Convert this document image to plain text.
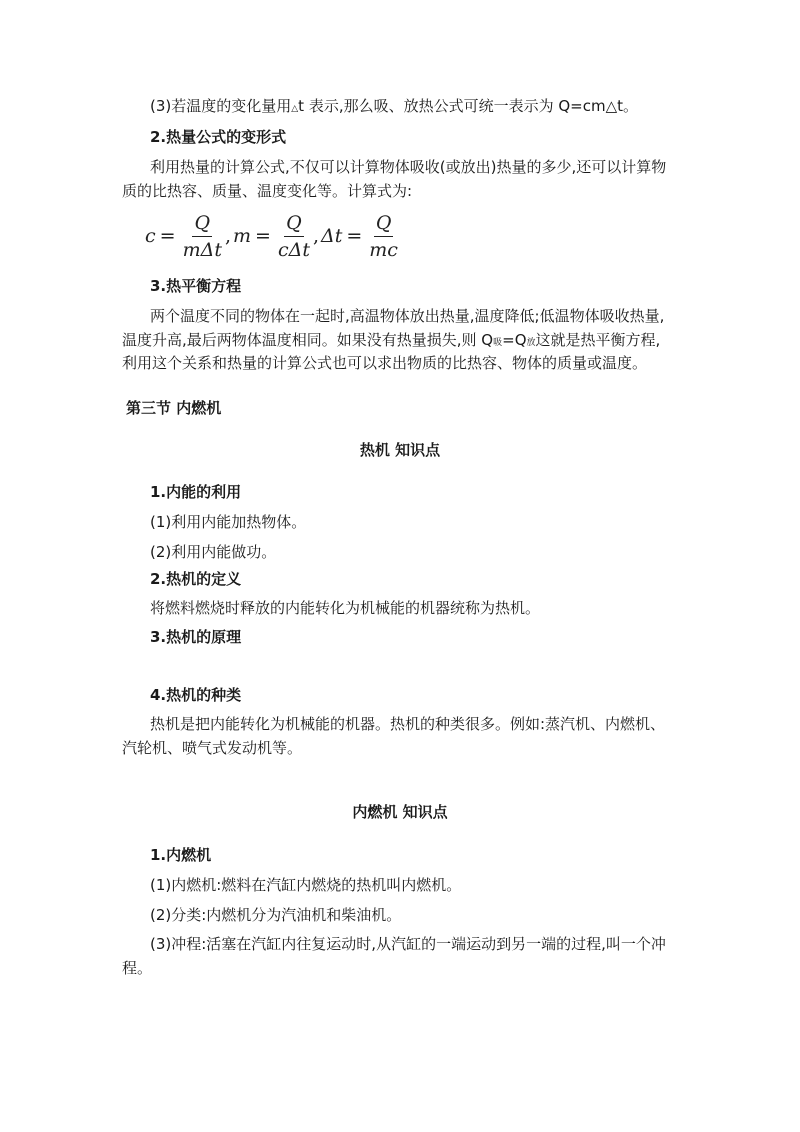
(3)若温度的变化量用△t 表示,那么吸、放热公式可统一表示为 Q=cm△t。
2.热量公式的变形式
利用热量的计算公式,不仅可以计算物体吸收(或放出)热量的多少,还可以计算物
质的比热容、质量、温度变化等。计算式为:
$c = \frac{Q}{\text{mΔt}}$ , $m = \frac{Q}{\text{cΔt}}$ , $\Delta t = \frac{Q}{mc}$
3.热平衡方程
两个温度不同的物体在一起时,高温物体放出热量,温度降低;低温物体吸收热量,
温度升高,最后两物体温度相同。如果没有热量损失,则 Q吸=Q放这就是热平衡方程,
利用这个关系和热量的计算公式也可以求出物质的比热容、物体的质量或温度。
第三节 内燃机
热机 知识点
1.内能的利用
(1)利用内能加热物体。
(2)利用内能做功。
2.热机的定义
将燃料燃烧时释放的内能转化为机械能的机器统称为热机。
3.热机的原理
4.热机的种类
热机是把内能转化为机械能的机器。热机的种类很多。例如:蒸汽机、内燃机、
汽轮机、喷气式发动机等。
内燃机 知识点
1.内燃机
(1)内燃机:燃料在汽缸内燃烧的热机叫内燃机。
(2)分类:内燃机分为汽油机和柴油机。
(3)冲程:活塞在汽缸内往复运动时,从汽缸的一端运动到另一端的过程,叫一个冲
程。
